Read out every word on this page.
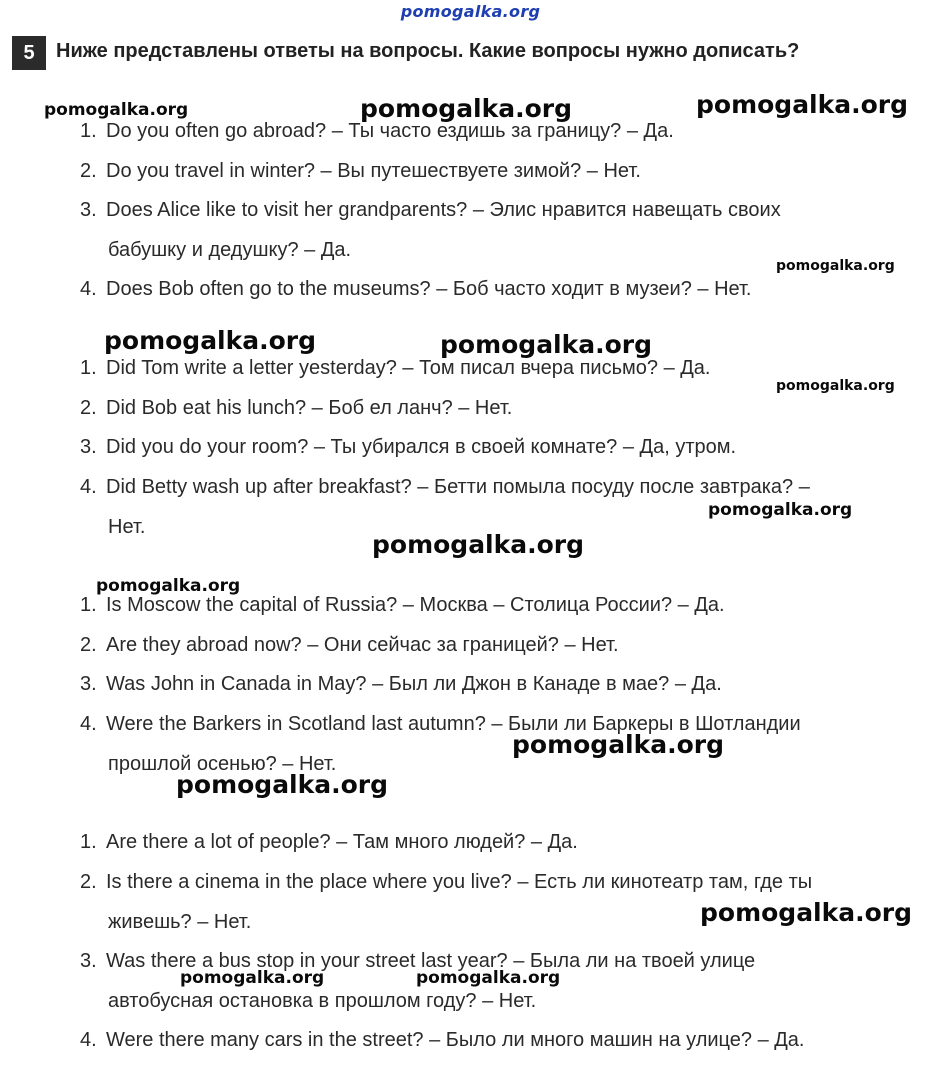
pomogalka.org
5	Ниже представлены ответы на вопросы. Какие вопросы нужно дописать?
1. Do you often go abroad? – Ты часто ездишь за границу? – Да.
2. Do you travel in winter? – Вы путешествуете зимой? – Нет.
3. Does Alice like to visit her grandparents? – Элис нравится навещать своих
бабушку и дедушку? – Да.
4. Does Bob often go to the museums? – Боб часто ходит в музеи? – Нет.
1. Did Tom write a letter yesterday? – Том писал вчера письмо? – Да.
2. Did Bob eat his lunch? – Боб ел ланч? – Нет.
3. Did you do your room? – Ты убирался в своей комнате? – Да, утром.
4. Did Betty wash up after breakfast? – Бетти помыла посуду после завтрака? –
Нет.
1. Is Moscow the capital of Russia? – Москва – Столица России? – Да.
2. Are they abroad now? – Они сейчас за границей? – Нет.
3. Was John in Canada in May? – Был ли Джон в Канаде в мае? – Да.
4. Were the Barkers in Scotland last autumn? – Были ли Баркеры в Шотландии
прошлой осенью? – Нет.
1. Are there a lot of people? – Там много людей? – Да.
2. Is there a cinema in the place where you live? – Есть ли кинотеатр там, где ты
живешь? – Нет.
3. Was there a bus stop in your street last year? – Была ли на твоей улице
автобусная остановка в прошлом году? – Нет.
4. Were there many cars in the street? – Было ли много машин на улице? – Да.
pomogalka.org	pomogalka.org	pomogalka.org
pomogalka.org
pomogalka.org	pomogalka.org
pomogalka.org
pomogalka.org
pomogalka.org
pomogalka.org
pomogalka.org
pomogalka.org
pomogalka.org
pomogalka.org	pomogalka.org
